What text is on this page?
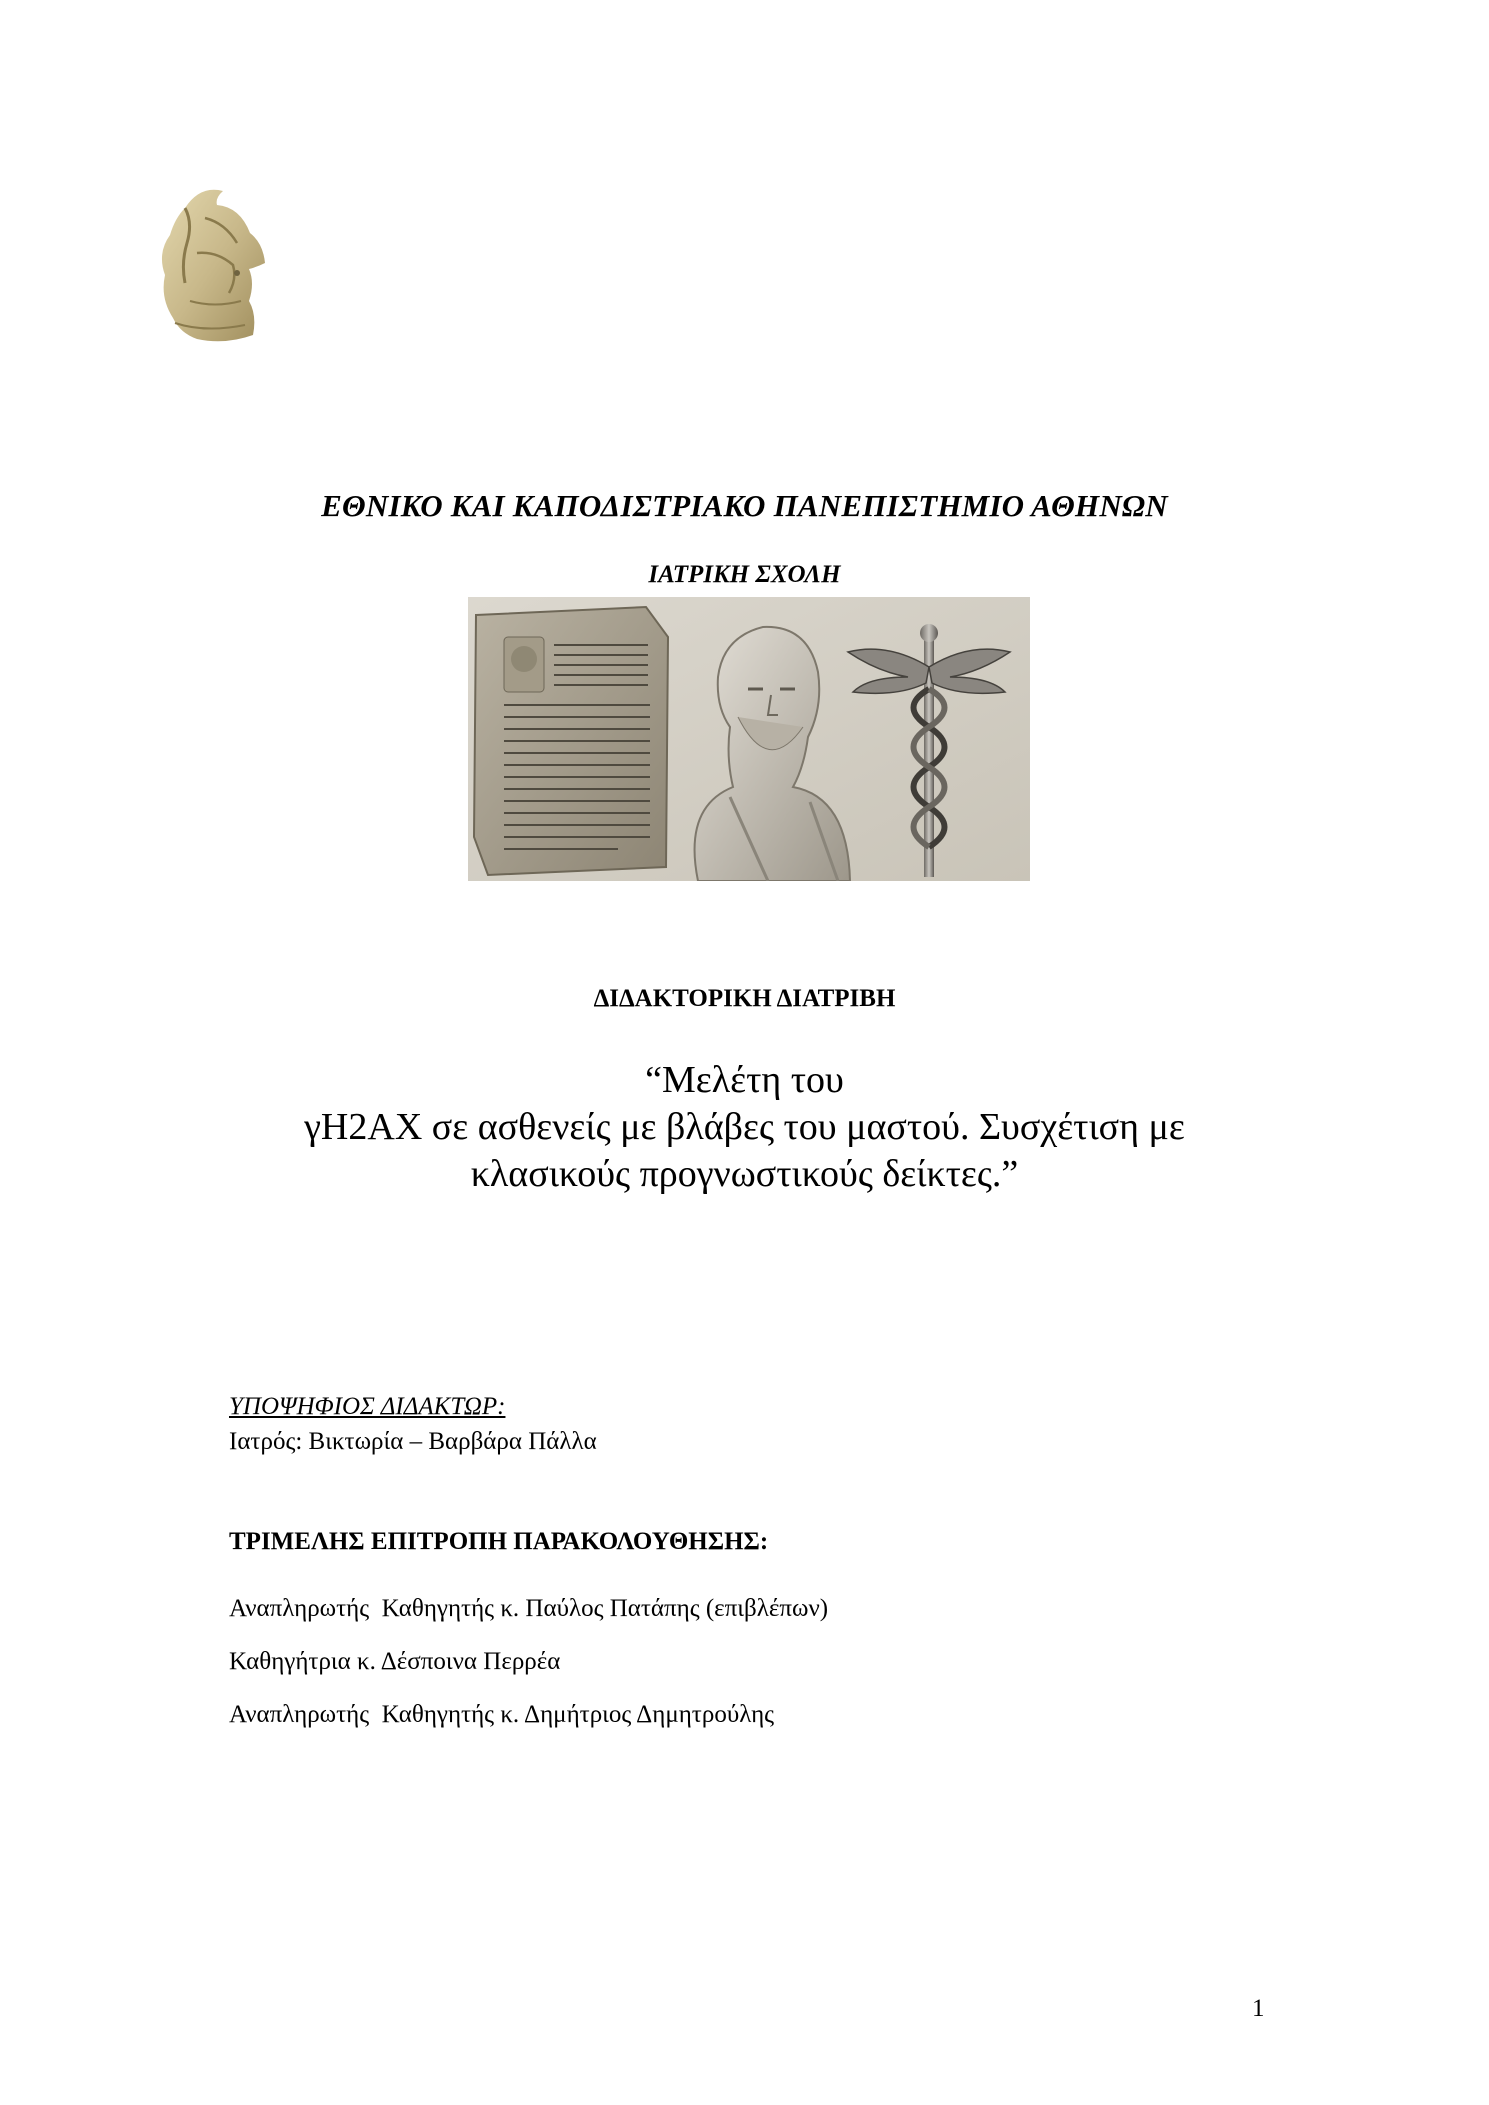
ΕΘΝΙΚΟ ΚΑΙ ΚΑΠΟΔΙΣΤΡΙΑΚΟ ΠΑΝΕΠΙΣΤΗΜΙΟ ΑΘΗΝΩΝ
ΙΑΤΡΙΚΗ ΣΧΟΛΗ
ΔΙΔΑΚΤΟΡΙΚΗ ΔΙΑΤΡΙΒΗ
“Μελέτη του
γΗ2ΑΧ σε ασθενείς με βλάβες του μαστού. Συσχέτιση με
κλασικούς προγνωστικούς δείκτες.”
ΥΠΟΨΗΦΙΟΣ ΔΙΔΑΚΤΩΡ:
Ιατρός: Βικτωρία – Βαρβάρα Πάλλα
ΤΡΙΜΕΛΗΣ ΕΠΙΤΡΟΠΗ ΠΑΡΑΚΟΛΟΥΘΗΣΗΣ:
Αναπληρωτής  Καθηγητής κ. Παύλος Πατάπης (επιβλέπων)
Καθηγήτρια κ. Δέσποινα Περρέα
Αναπληρωτής  Καθηγητής κ. Δημήτριος Δημητρούλης
1
